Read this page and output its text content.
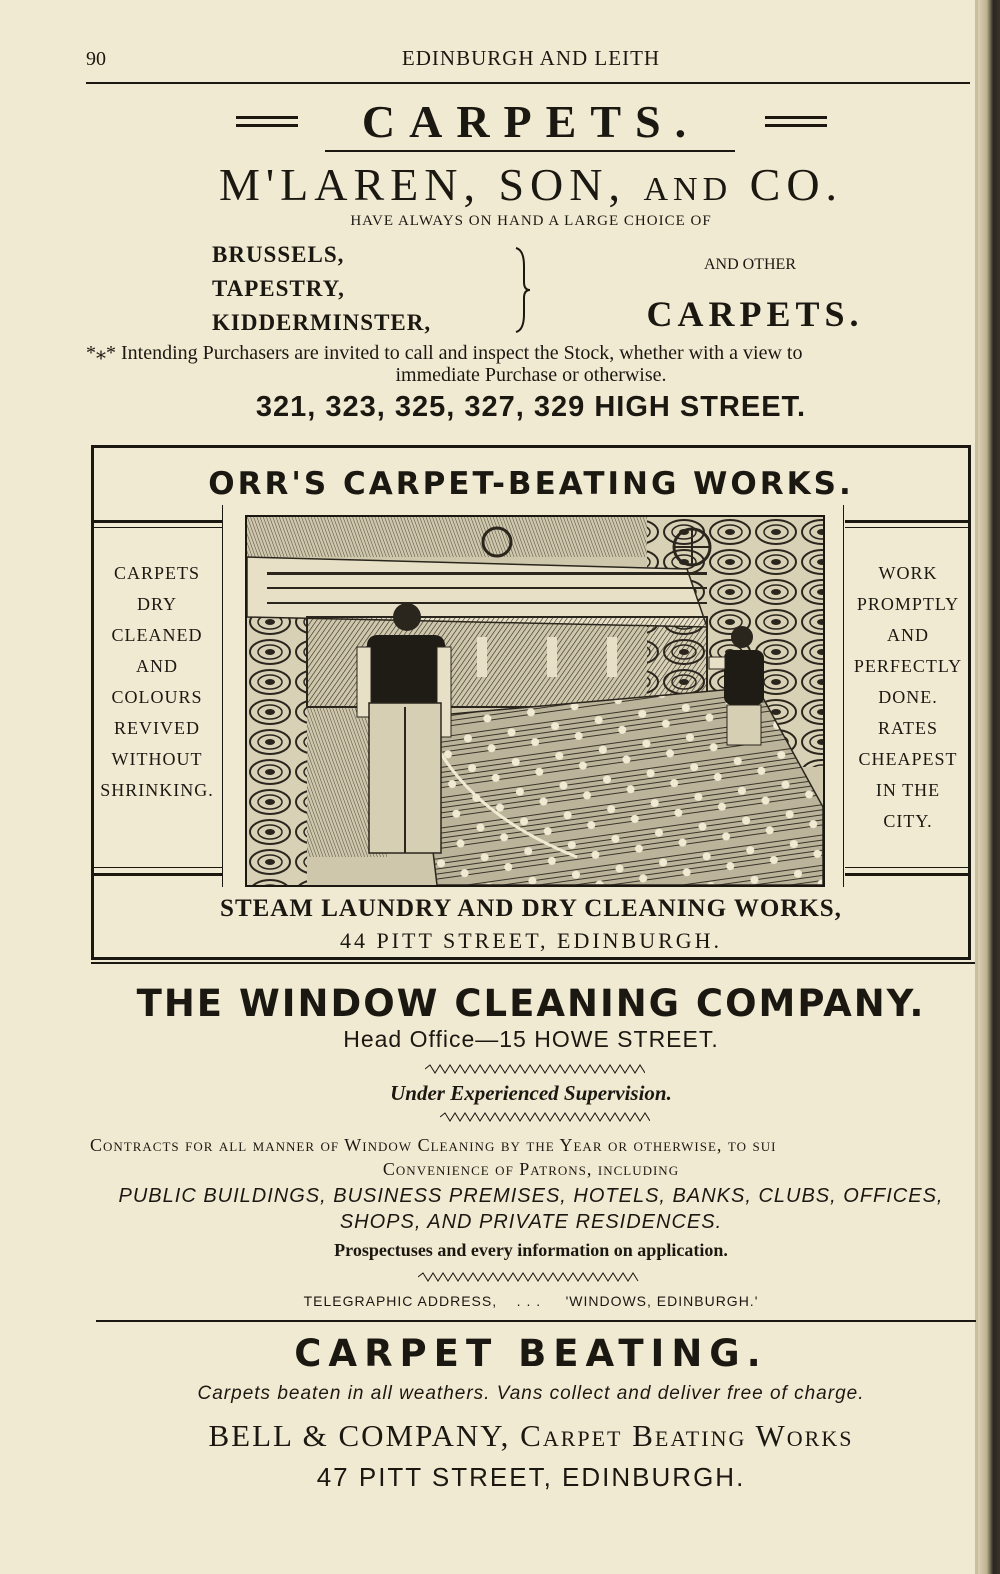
90	EDINBURGH AND LEITH
CARPETS.
M'LAREN, SON, AND CO.
HAVE ALWAYS ON HAND A LARGE CHOICE OF
BRUSSELS,
TAPESTRY,
KIDDERMINSTER,
AND OTHER
CARPETS.
*⁎* Intending Purchasers are invited to call and inspect the Stock, whether with a view to
immediate Purchase or otherwise.
321, 323, 325, 327, 329 HIGH STREET.
ORR'S CARPET-BEATING WORKS.
CARPETS
DRY
CLEANED
AND
COLOURS
REVIVED
WITHOUT
SHRINKING.
WORK
PROMPTLY
AND
PERFECTLY
DONE.
RATES
CHEAPEST
IN THE
CITY.
STEAM LAUNDRY AND DRY CLEANING WORKS,
44 PITT STREET, EDINBURGH.
THE WINDOW CLEANING COMPANY.
Head Office—15 HOWE STREET.
Under Experienced Supervision.
Contracts for all manner of Window Cleaning by the Year or otherwise, to sui
Convenience of Patrons, including
PUBLIC BUILDINGS, BUSINESS PREMISES, HOTELS, BANKS, CLUBS, OFFICES,
SHOPS, AND PRIVATE RESIDENCES.
Prospectuses and every information on application.
TELEGRAPHIC ADDRESS, . . . 'WINDOWS, EDINBURGH.'
CARPET BEATING.
Carpets beaten in all weathers. Vans collect and deliver free of charge.
BELL & COMPANY, Carpet Beating Works
47 PITT STREET, EDINBURGH.
